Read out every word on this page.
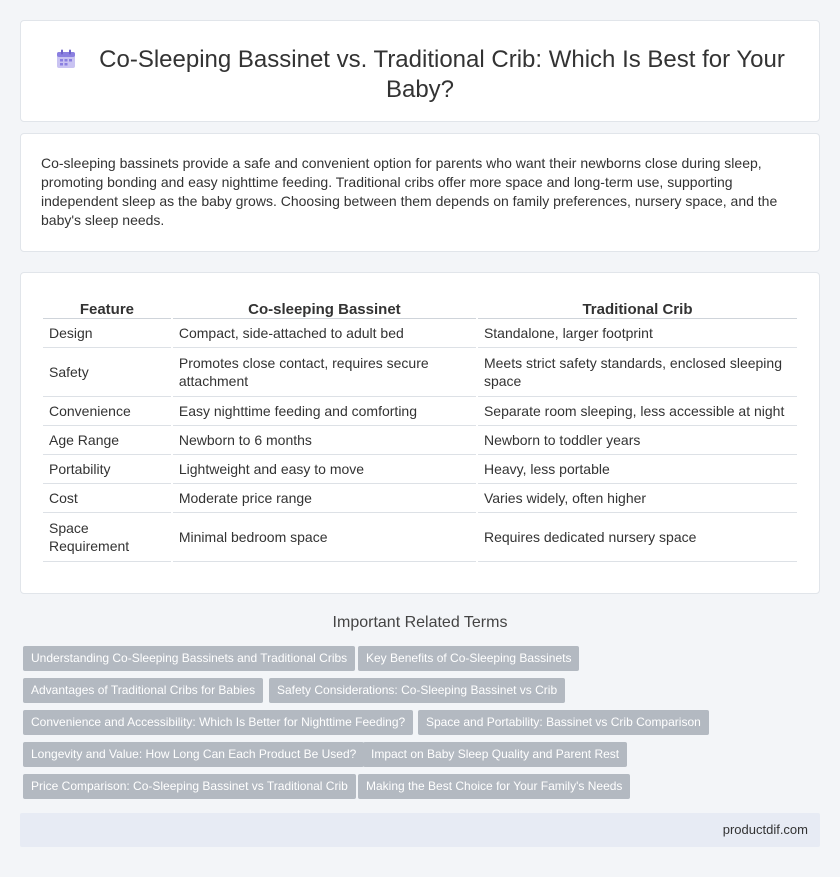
Co-Sleeping Bassinet vs. Traditional Crib: Which Is Best for Your Baby?

Co-sleeping bassinets provide a safe and convenient option for parents who want their newborns close during sleep, promoting bonding and easy nighttime feeding. Traditional cribs offer more space and long-term use, supporting independent sleep as the baby grows. Choosing between them depends on family preferences, nursery space, and the baby's sleep needs.

Feature	Co-sleeping Bassinet	Traditional Crib
Design	Compact, side-attached to adult bed	Standalone, larger footprint
Safety	Promotes close contact, requires secure attachment	Meets strict safety standards, enclosed sleeping space
Convenience	Easy nighttime feeding and comforting	Separate room sleeping, less accessible at night
Age Range	Newborn to 6 months	Newborn to toddler years
Portability	Lightweight and easy to move	Heavy, less portable
Cost	Moderate price range	Varies widely, often higher
Space Requirement	Minimal bedroom space	Requires dedicated nursery space
Important Related Terms
Understanding Co-Sleeping Bassinets and Traditional Cribs	Key Benefits of Co-Sleeping Bassinets
Advantages of Traditional Cribs for Babies	Safety Considerations: Co-Sleeping Bassinet vs Crib
Convenience and Accessibility: Which Is Better for Nighttime Feeding?	Space and Portability: Bassinet vs Crib Comparison
Longevity and Value: How Long Can Each Product Be Used?	Impact on Baby Sleep Quality and Parent Rest
Price Comparison: Co-Sleeping Bassinet vs Traditional Crib	Making the Best Choice for Your Family's Needs
productdif.com
